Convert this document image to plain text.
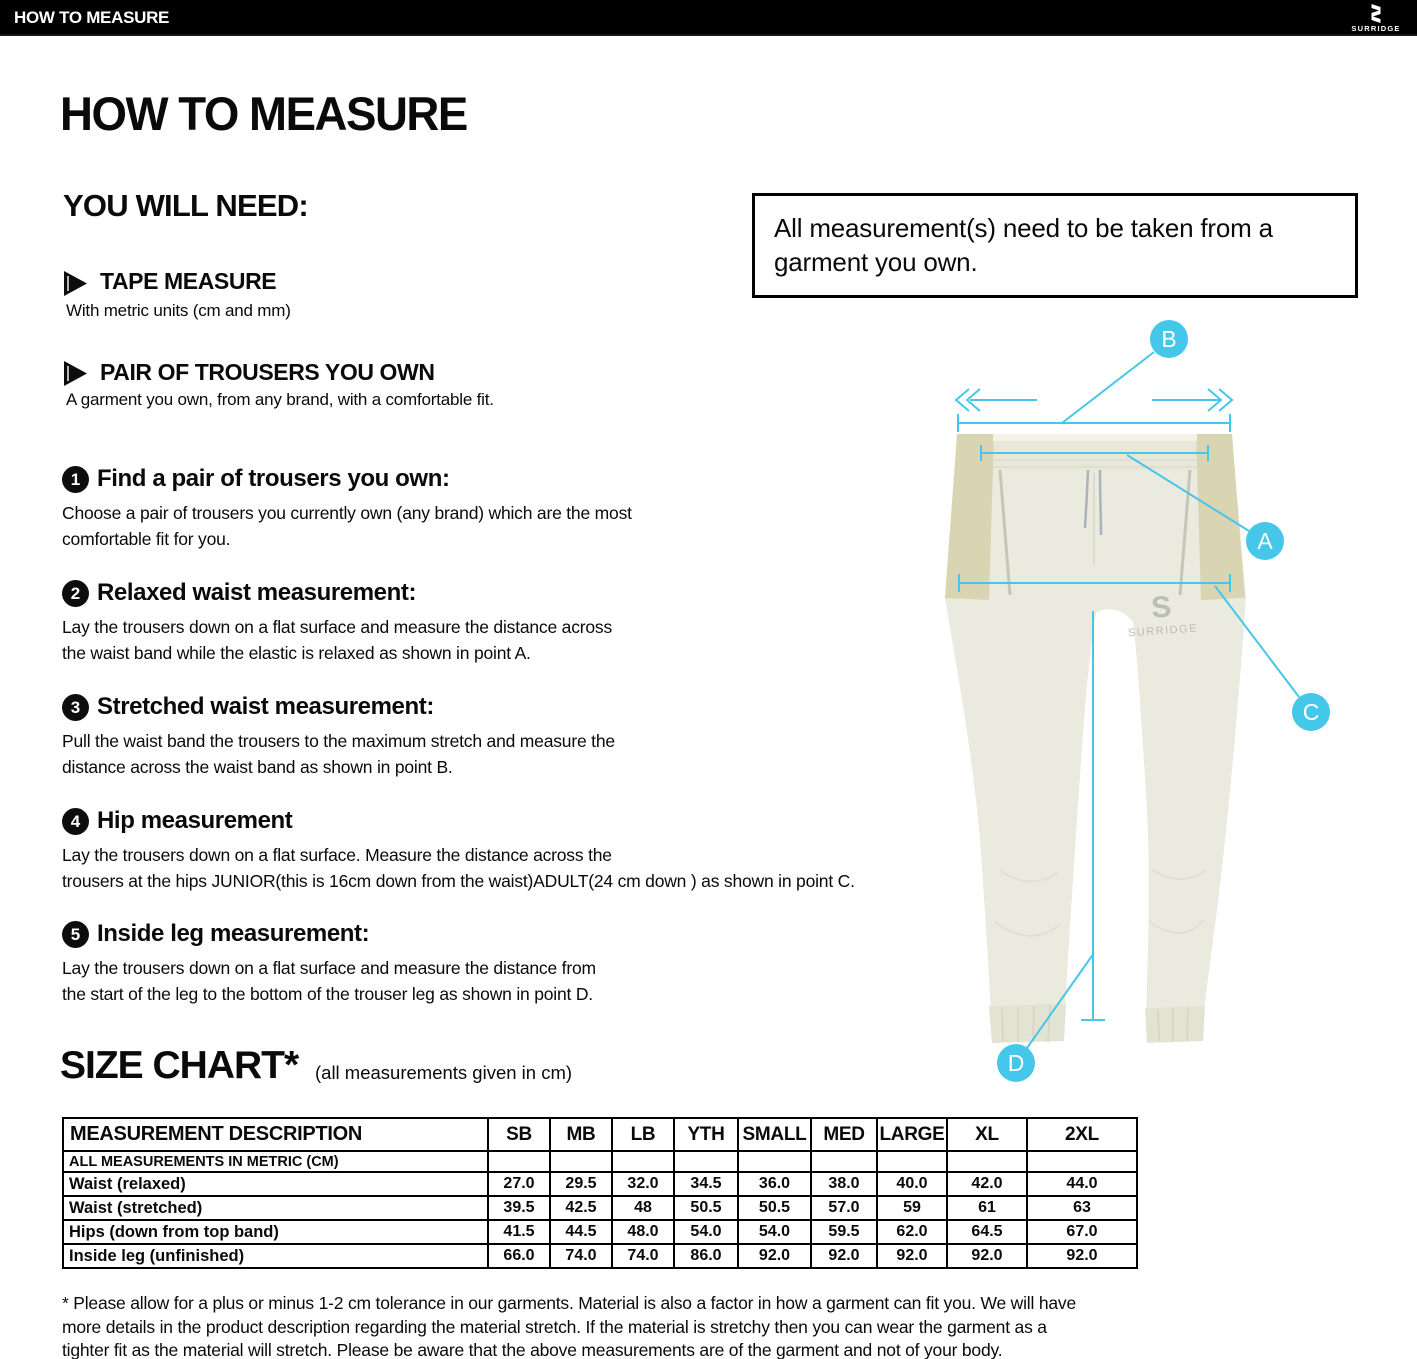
HOW TO MEASURE
SURRIDGE
HOW TO MEASURE
YOU WILL NEED:
TAPE MEASURE
With metric units (cm and mm)
PAIR OF TROUSERS YOU OWN
A garment you own, from any brand, with a comfortable fit.
All measurement(s) need to be taken from a
garment you own.
1 Find a pair of trousers you own:
Choose a pair of trousers you currently own (any brand) which are the most
comfortable fit for you.
2 Relaxed waist measurement:
Lay the trousers down on a flat surface and measure the distance across
the waist band while the elastic is relaxed as shown in point A.
3 Stretched waist measurement:
Pull the waist band the trousers to the maximum stretch and measure the
distance across the waist band as shown in point B.
4 Hip measurement
Lay the trousers down on a flat surface. Measure the distance across the
trousers at the hips JUNIOR(this is 16cm down from the waist)ADULT(24 cm down ) as shown in point C.
5 Inside leg measurement:
Lay the trousers down on a flat surface and measure the distance from
the start of the leg to the bottom of the trouser leg as shown in point D.
S
SURRIDGE
B
A
C
D
SIZE CHART* (all measurements given in cm)
MEASUREMENT DESCRIPTION	SB	MB	LB	YTH	SMALL	MED	LARGE	XL	2XL
ALL MEASUREMENTS IN METRIC (CM)									
Waist (relaxed)	27.0	29.5	32.0	34.5	36.0	38.0	40.0	42.0	44.0
Waist (stretched)	39.5	42.5	48	50.5	50.5	57.0	59	61	63
Hips (down from top band)	41.5	44.5	48.0	54.0	54.0	59.5	62.0	64.5	67.0
Inside leg (unfinished)	66.0	74.0	74.0	86.0	92.0	92.0	92.0	92.0	92.0
* Please allow for a plus or minus 1-2 cm tolerance in our garments. Material is also a factor in how a garment can fit you. We will have
more details in the product description regarding the material stretch. If the material is stretchy then you can wear the garment as a
tighter fit as the material will stretch. Please be aware that the above measurements are of the garment and not of your body.
